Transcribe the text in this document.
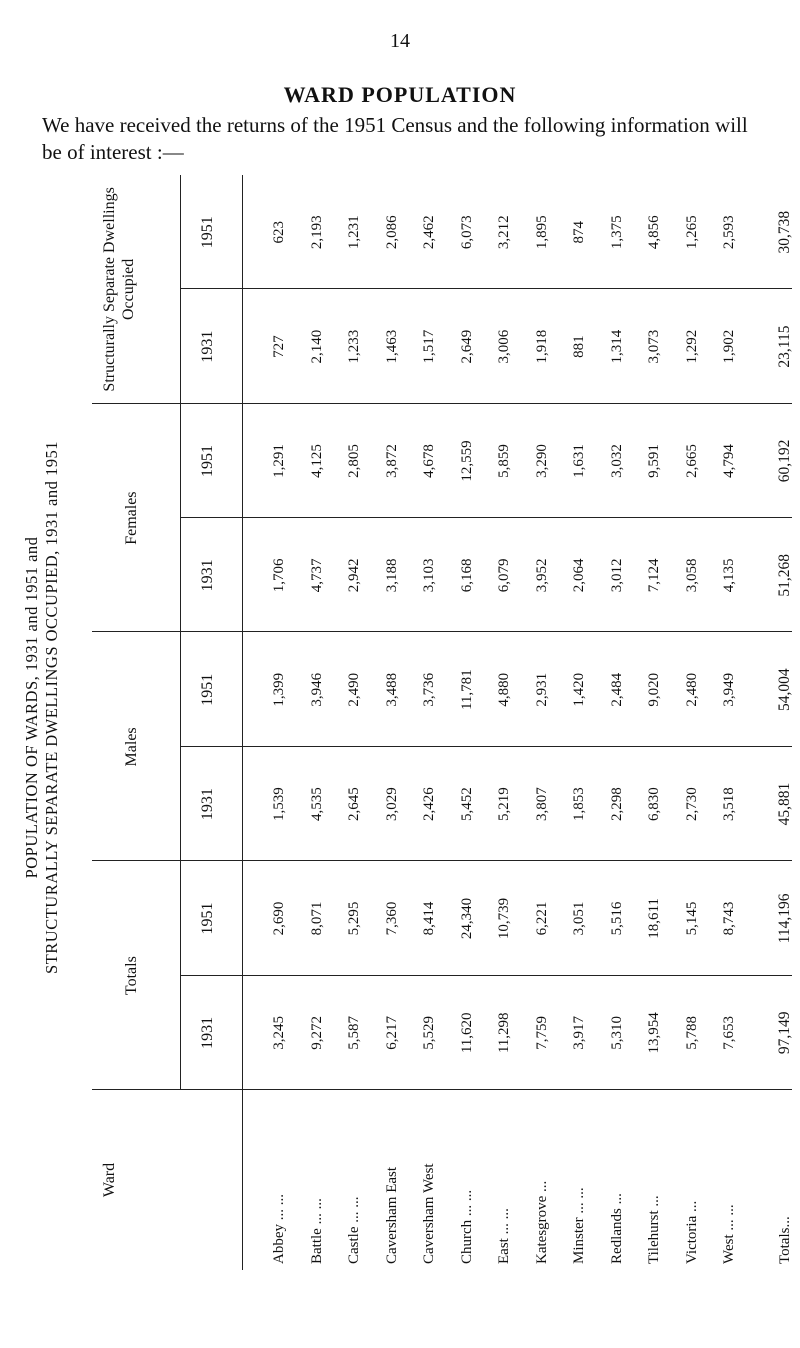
14
WARD POPULATION
We have received the returns of the 1951 Census and the following information will be of interest :—
POPULATION OF WARDS, 1931 and 1951 and STRUCTURALLY SEPARATE DWELLINGS OCCUPIED, 1931 and 1951
Ward
Totals
1931
1951
Males
1931
1951
Females
1931
1951
Structurally Separate Dwellings Occupied
1931
1951
Abbey ... ...
3,245
2,690
1,539
1,399
1,706
1,291
727
623
Battle ... ...
9,272
8,071
4,535
3,946
4,737
4,125
2,140
2,193
Castle ... ...
5,587
5,295
2,645
2,490
2,942
2,805
1,233
1,231
Caversham East
6,217
7,360
3,029
3,488
3,188
3,872
1,463
2,086
Caversham West
5,529
8,414
2,426
3,736
3,103
4,678
1,517
2,462
Church ... ...
11,620
24,340
5,452
11,781
6,168
12,559
2,649
6,073
East ... ...
11,298
10,739
5,219
4,880
6,079
5,859
3,006
3,212
Katesgrove ...
7,759
6,221
3,807
2,931
3,952
3,290
1,918
1,895
Minster ... ...
3,917
3,051
1,853
1,420
2,064
1,631
881
874
Redlands ...
5,310
5,516
2,298
2,484
3,012
3,032
1,314
1,375
Tilehurst ...
13,954
18,611
6,830
9,020
7,124
9,591
3,073
4,856
Victoria ...
5,788
5,145
2,730
2,480
3,058
2,665
1,292
1,265
West ... ...
7,653
8,743
3,518
3,949
4,135
4,794
1,902
2,593
Totals...
97,149
114,196
45,881
54,004
51,268
60,192
23,115
30,738
